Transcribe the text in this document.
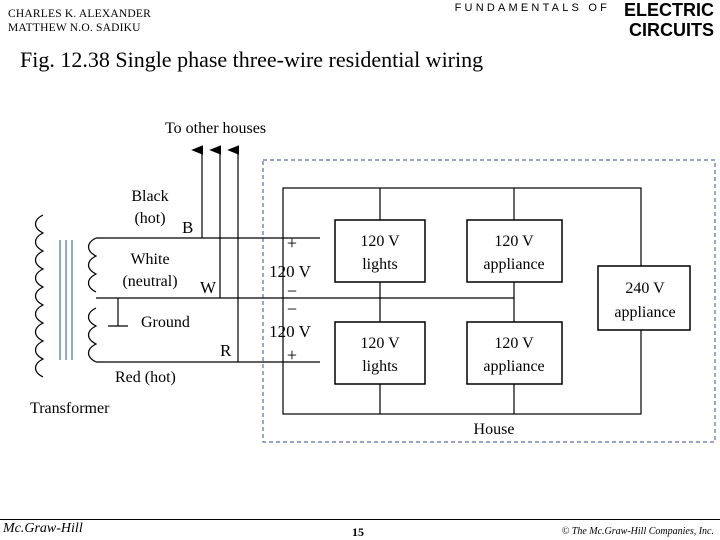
CHARLES K. ALEXANDER
MATTHEW N.O. SADIKU
FUNDAMENTALS OF ELECTRIC
CIRCUITS
Fig. 12.38 Single phase three-wire residential wiring
To other houses
Black
(hot) B
White
(neutral) W
Ground
R
Red (hot)
Transformer
+
120 V
−
−
120 V
+
120 V
lights
120 V
appliance
120 V
lights
120 V
appliance
240 V
appliance
House
Mc.Graw-Hill	15	© The Mc.Graw-Hill Companies, Inc.
